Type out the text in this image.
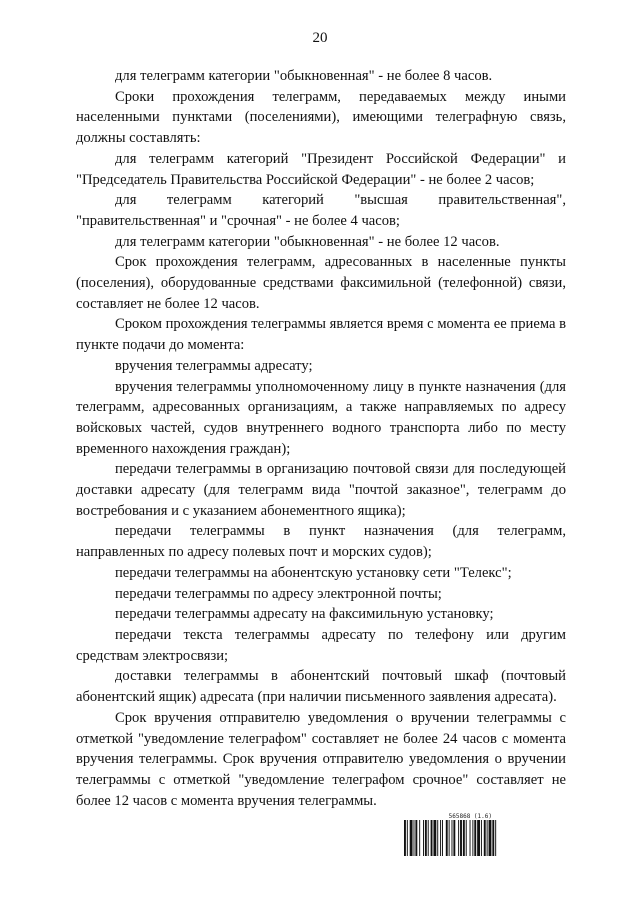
20

для телеграмм категории "обыкновенная" - не более 8 часов.

Сроки прохождения телеграмм, передаваемых между иными населенными пунктами (поселениями), имеющими телеграфную связь, должны составлять:

для телеграмм категорий "Президент Российской Федерации" и "Председатель Правительства Российской Федерации" - не более 2 часов;

для телеграмм категорий "высшая правительственная", "правительственная" и "срочная" - не более 4 часов;

для телеграмм категории "обыкновенная" - не более 12 часов.

Срок прохождения телеграмм, адресованных в населенные пункты (поселения), оборудованные средствами факсимильной (телефонной) связи, составляет не более 12 часов.

Сроком прохождения телеграммы является время с момента ее приема в пункте подачи до момента:

вручения телеграммы адресату;

вручения телеграммы уполномоченному лицу в пункте назначения (для телеграмм, адресованных организациям, а также направляемых по адресу войсковых частей, судов внутреннего водного транспорта либо по месту временного нахождения граждан);

передачи телеграммы в организацию почтовой связи для последующей доставки адресату (для телеграмм вида "почтой заказное", телеграмм до востребования и с указанием абонементного ящика);

передачи телеграммы в пункт назначения (для телеграмм, направленных по адресу полевых почт и морских судов);

передачи телеграммы на абонентскую установку сети "Телекс";

передачи телеграммы по адресу электронной почты;

передачи телеграммы адресату на факсимильную установку;

передачи текста телеграммы адресату по телефону или другим средствам электросвязи;

доставки телеграммы в абонентский почтовый шкаф (почтовый абонентский ящик) адресата (при наличии письменного заявления адресата).

Срок вручения отправителю уведомления о вручении телеграммы с отметкой "уведомление телеграфом" составляет не более 24 часов с момента вручения телеграммы. Срок вручения отправителю уведомления о вручении телеграммы с отметкой "уведомление телеграфом срочное" составляет не более 12 часов с момента вручения телеграммы.

565868 (1.6)
